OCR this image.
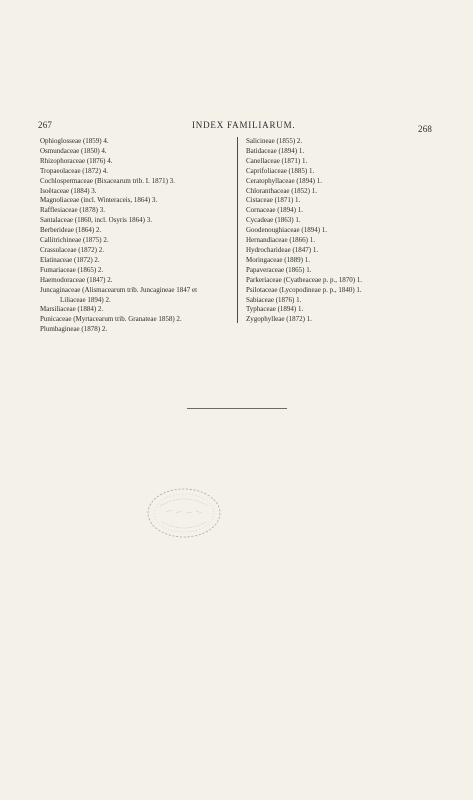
267	INDEX FAMILIARUM.	268
Ophioglosseae (1859) 4.
Osmundaceae (1850) 4.
Rhizophoraceae (1876) 4.
Tropaeolaceae (1872) 4.
Cochlospermaceae (Bixacearum trib. I. 1871) 3.
Isoëtaceae (1884) 3.
Magnoliaceae (incl. Winteraceis, 1864) 3.
Rafflesiaceae (1878) 3.
Santalaceae (1860, incl. Osyris 1864) 3.
Berberideae (1864) 2.
Callitrichineae (1875) 2.
Crassulaceae (1872) 2.
Elatinaceae (1872) 2.
Fumariaceae (1865) 2.
Haemodoraceae (1847) 2.
Juncaginaceae (Alismacearum trib. Juncagineae 1847 et
Liliaceae 1894) 2.
Marsiliaceae (1884) 2.
Punicaceae (Myrtacearum trib. Granateae 1858) 2.
Plumbagineae (1878) 2.
Salicineae (1855) 2.
Batidaceae (1894) 1.
Canellaceae (1871) 1.
Caprifoliaceae (1885) 1.
Ceratophyllaceae (1894) 1.
Chloranthaceae (1852) 1.
Cistaceae (1871) 1.
Cornaceae (1894) 1.
Cycadeae (1863) 1.
Goodenoughiaceae (1894) 1.
Hernandiaceae (1866) 1.
Hydrocharideae (1847) 1.
Moringaceae (1889) 1.
Papaveraceae (1865) 1.
Parkeriaceae (Cyatheaceae p. p., 1870) 1.
Psilotaceae (Lycopodineae p. p., 1840) 1.
Sabiaceae (1876) 1.
Typhaceae (1894) 1.
Zygophylleae (1872) 1.
